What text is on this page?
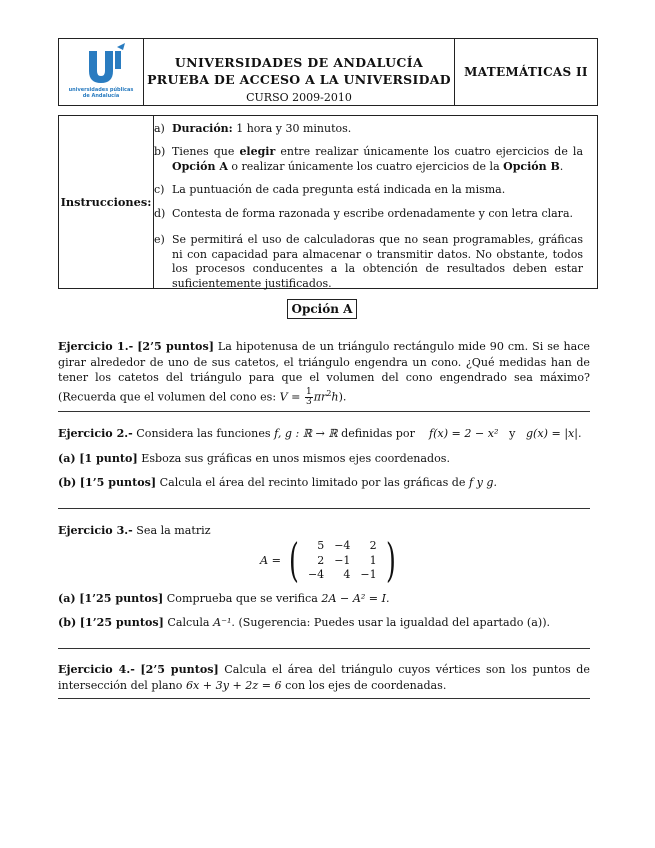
universidades públicas de Andalucía
UNIVERSIDADES DE ANDALUCÍA
PRUEBA DE ACCESO A LA UNIVERSIDAD
CURSO 2009-2010
MATEMÁTICAS II
Instrucciones:
a) Duración: 1 hora y 30 minutos.
b) Tienes que elegir entre realizar únicamente los cuatro ejercicios de la Opción A o realizar únicamente los cuatro ejercicios de la Opción B.
c) La puntuación de cada pregunta está indicada en la misma.
d) Contesta de forma razonada y escribe ordenadamente y con letra clara.
e) Se permitirá el uso de calculadoras que no sean programables, gráficas ni con capacidad para almacenar o transmitir datos. No obstante, todos los procesos conducentes a la obtención de resultados deben estar suficientemente justificados.
Opción A
Ejercicio 1.- [2’5 puntos] La hipotenusa de un triángulo rectángulo mide 90 cm. Si se hace girar alrededor de uno de sus catetos, el triángulo engendra un cono. ¿Qué medidas han de tener los catetos del triángulo para que el volumen del cono engendrado sea máximo? (Recuerda que el volumen del cono es: $V = \frac{1}{3} \pi r^2h$).
Ejercicio 2.- Considera las funciones f, g : ℝ → ℝ definidas por    f(x) = 2 − x² y g(x) = |x|.
(a) [1 punto] Esboza sus gráficas en unos mismos ejes coordenados.
(b) [1’5 puntos] Calcula el área del recinto limitado por las gráficas de f y g.
Ejercicio 3.- Sea la matriz
A = ( 5	−4	2
2	−1	1
−4	4	−1 )
(a) [1’25 puntos] Comprueba que se verifica 2A − A² = I.
(b) [1’25 puntos] Calcula A⁻¹. (Sugerencia: Puedes usar la igualdad del apartado (a)).
Ejercicio 4.- [2’5 puntos] Calcula el área del triángulo cuyos vértices son los puntos de intersección del plano 6x + 3y + 2z = 6 con los ejes de coordenadas.
